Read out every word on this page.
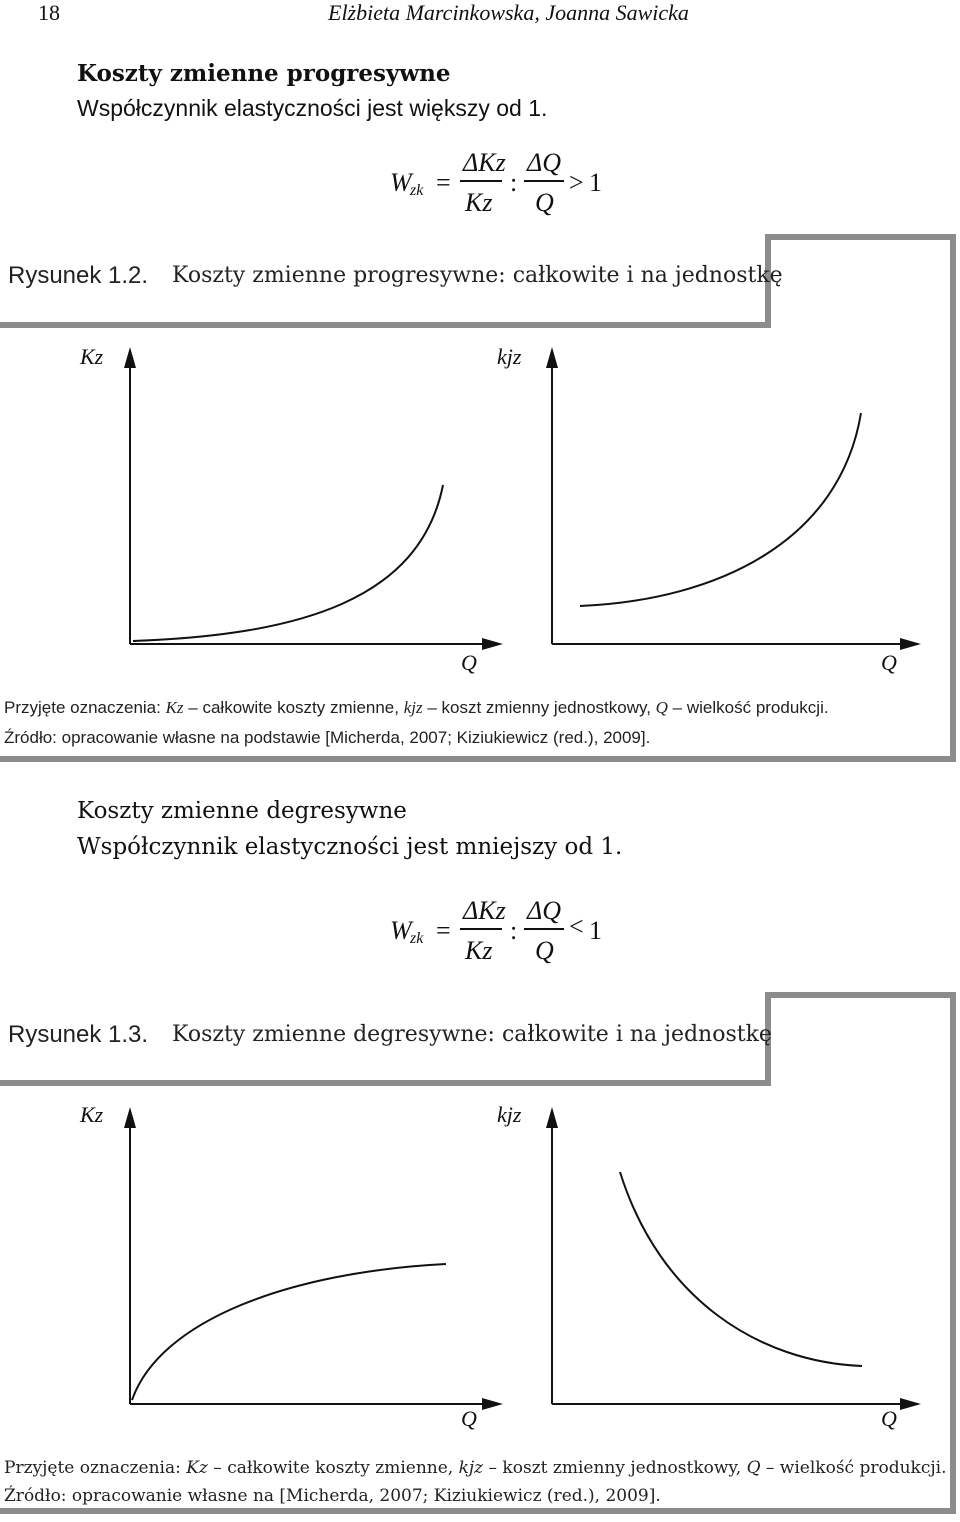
18	Elżbieta Marcinkowska, Joanna Sawicka
Koszty zmienne progresywne
Współczynnik elastyczności jest większy od 1.
W
zk =
ΔKz
Kz
:
ΔQ
Q
> 1
Rysunek 1.2. Koszty zmienne progresywne: całkowite i na jednostkę
Kz
Q
kjz
Q
Przyjęte oznaczenia: Kz – całkowite koszty zmienne, kjz – koszt zmienny jednostkowy, Q – wielkość produkcji.
Źródło: opracowanie własne na podstawie [Micherda, 2007; Kiziukiewicz (red.), 2009].
Koszty zmienne degresywne
Współczynnik elastyczności jest mniejszy od 1.
W
zk =
ΔKz
Kz
:
ΔQ
Q
< 1
Rysunek 1.3. Koszty zmienne degresywne: całkowite i na jednostkę
Kz
Q
kjz
Q
Przyjęte oznaczenia: Kz – całkowite koszty zmienne, kjz – koszt zmienny jednostkowy, Q – wielkość produkcji.
Źródło: opracowanie własne na [Micherda, 2007; Kiziukiewicz (red.), 2009].
